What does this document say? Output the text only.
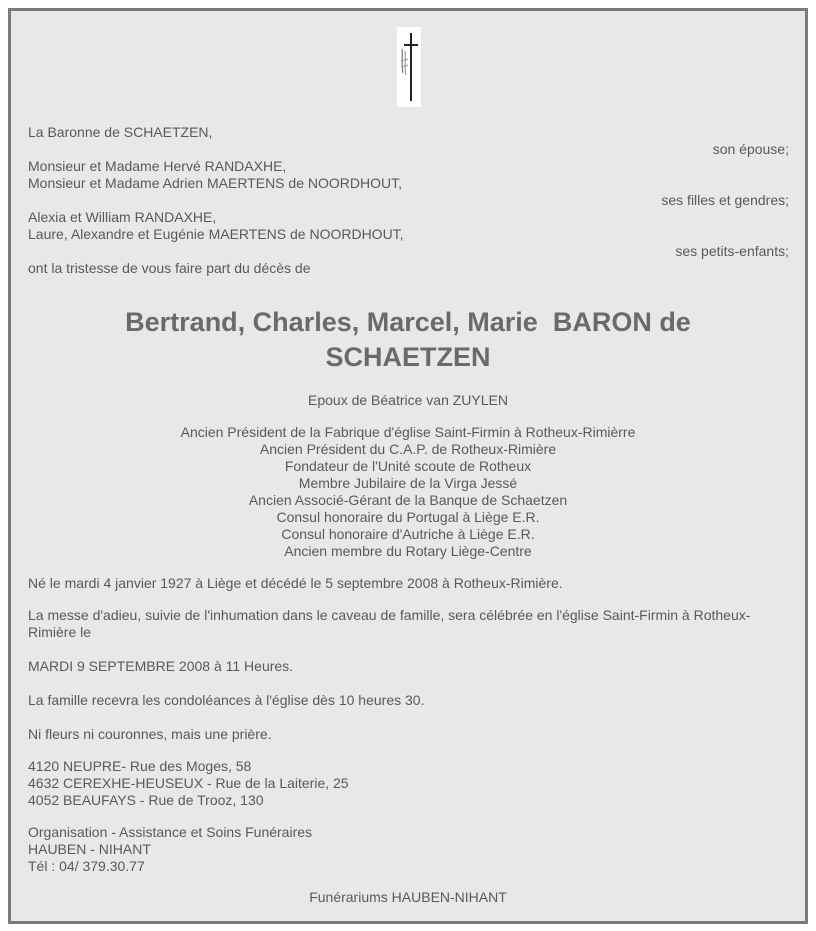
La Baronne de SCHAETZEN,
son épouse;
Monsieur et Madame Hervé RANDAXHE,
Monsieur et Madame Adrien MAERTENS de NOORDHOUT,
ses filles et gendres;
Alexia et William RANDAXHE,
Laure, Alexandre et Eugénie MAERTENS de NOORDHOUT,
ses petits-enfants;
ont la tristesse de vous faire part du décès de
Bertrand, Charles, Marcel, Marie  BARON de
SCHAETZEN
Epoux de Béatrice van ZUYLEN
Ancien Président de la Fabrique d'église Saint-Firmin à Rotheux-Rimièrre
Ancien Président du C.A.P. de Rotheux-Rimière
Fondateur de l'Unité scoute de Rotheux
Membre Jubilaire de la Virga Jessé
Ancien Associé-Gérant de la Banque de Schaetzen
Consul honoraire du Portugal à Liège E.R.
Consul honoraire d'Autriche à Liège E.R.
Ancien membre du Rotary Liège-Centre
Né le mardi 4 janvier 1927 à Liège et décédé le 5 septembre 2008 à Rotheux-Rimière.
La messe d'adieu, suivie de l'inhumation dans le caveau de famille, sera célébrée en l'église Saint-Firmin à Rotheux-Rimière le
MARDI 9 SEPTEMBRE 2008 à 11 Heures.
La famille recevra les condoléances à l'église dès 10 heures 30.
Ni fleurs ni couronnes, mais une prière.
4120 NEUPRE- Rue des Moges, 58
4632 CEREXHE-HEUSEUX - Rue de la Laiterie, 25
4052 BEAUFAYS - Rue de Trooz, 130
Organisation - Assistance et Soins Funéraires
HAUBEN - NIHANT
Tél : 04/ 379.30.77
Funérariums HAUBEN-NIHANT
